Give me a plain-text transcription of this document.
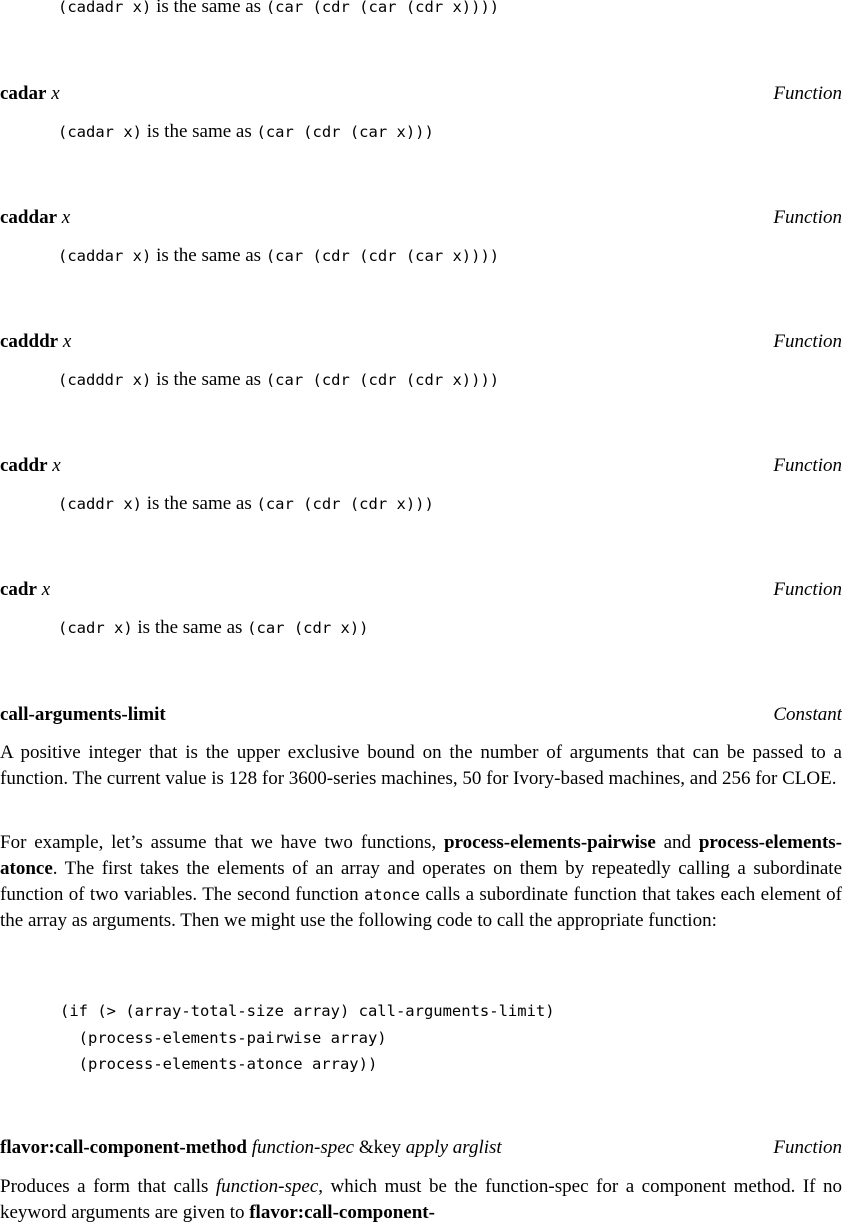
(cadadr x) is the same as (car (cdr (car (cdr x))))
cadar x	Function
(cadar x) is the same as (car (cdr (car x)))
caddar x	Function
(caddar x) is the same as (car (cdr (cdr (car x))))
cadddr x	Function
(cadddr x) is the same as (car (cdr (cdr (cdr x))))
caddr x	Function
(caddr x) is the same as (car (cdr (cdr x)))
cadr x	Function
(cadr x) is the same as (car (cdr x))
call-arguments-limit	Constant

A positive integer that is the upper exclusive bound on the number of arguments that can be passed to a function. The current value is 128 for 3600-series machines, 50 for Ivory-based machines, and 256 for CLOE.

For example, let’s assume that we have two functions, process-elements-pairwise and process-elements-atonce. The first takes the elements of an array and operates on them by repeatedly calling a subordinate function of two variables. The second function atonce calls a subordinate function that takes each element of the array as arguments. Then we might use the following code to call the appropriate function:

(if (> (array-total-size array) call-arguments-limit)
(process-elements-pairwise array)
(process-elements-atonce array))
flavor:call-component-method function-spec &key apply arglist	Function

Produces a form that calls function-spec, which must be the function-spec for a component method. If no keyword arguments are given to flavor:call-component-
